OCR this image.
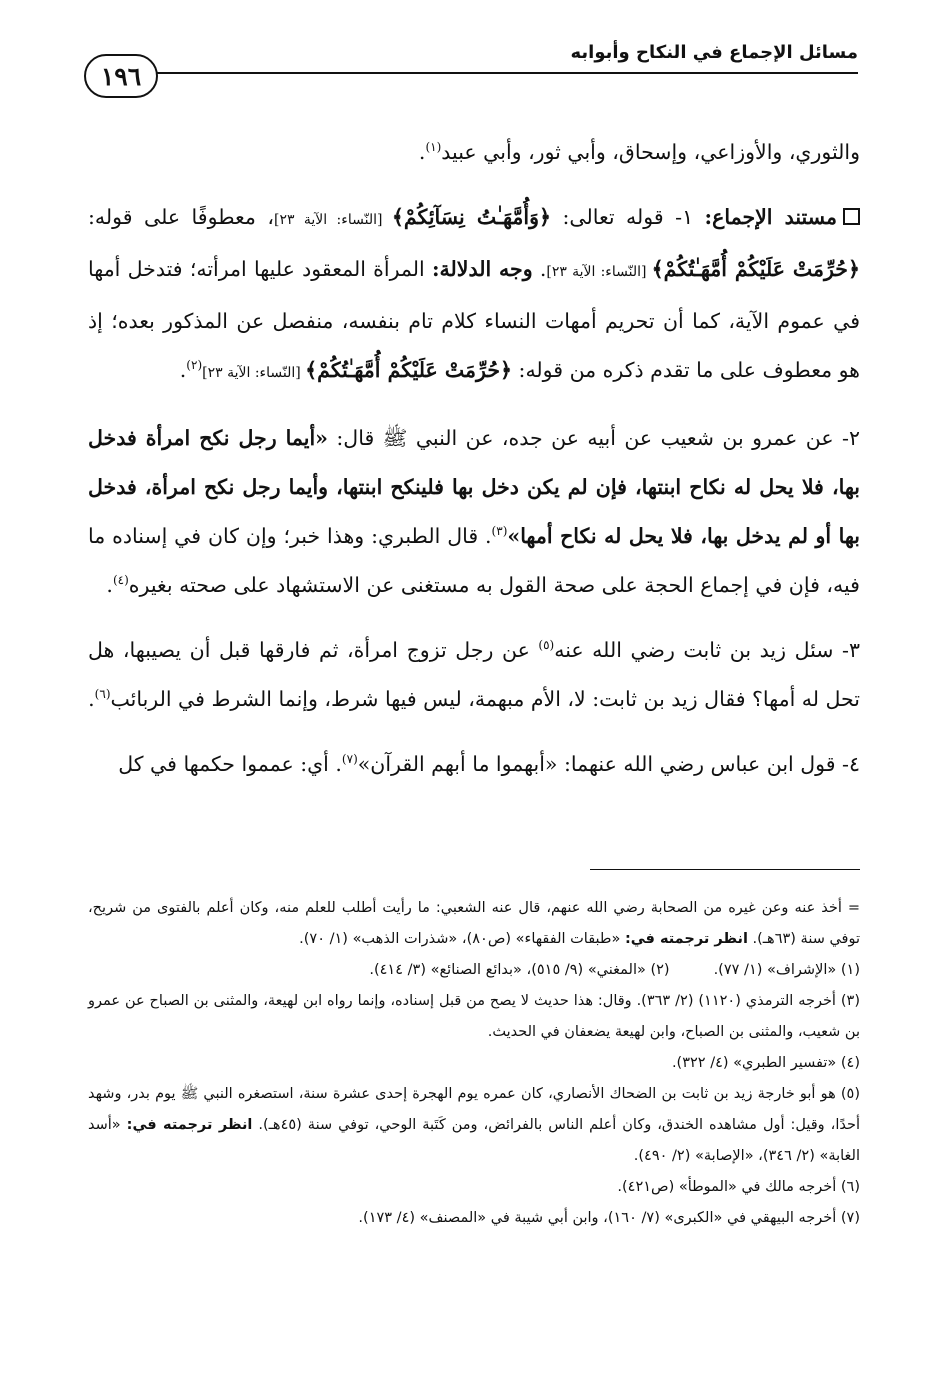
١٩٦
مسائل الإجماع في النكاح وأبوابه

والثوري، والأوزاعي، وإسحاق، وأبي ثور، وأبي عبيد$^{(١)}$.

مستند الإجماع: ١- قوله تعالى: ﴿وَأُمَّهَـٰتُ نِسَآئِكُمْ﴾ [النّساء: الآية ٢٣]، معطوفًا على قوله: ﴿حُرِّمَتْ عَلَيْكُمْ أُمَّهَـٰتُكُمْ﴾ [النّساء: الآية ٢٣]. وجه الدلالة: المرأة المعقود عليها امرأته؛ فتدخل أمها في عموم الآية، كما أن تحريم أمهات النساء كلام تام بنفسه، منفصل عن المذكور بعده؛ إذ هو معطوف على ما تقدم ذكره من قوله: ﴿حُرِّمَتْ عَلَيْكُمْ أُمَّهَـٰتُكُمْ﴾ [النّساء: الآية ٢٣]$^{(٢)}$.

٢- عن عمرو بن شعيب عن أبيه عن جده، عن النبي ﷺ قال: «أيما رجل نكح امرأة فدخل بها، فلا يحل له نكاح ابنتها، فإن لم يكن دخل بها فلينكح ابنتها، وأيما رجل نكح امرأة، فدخل بها أو لم يدخل بها، فلا يحل له نكاح أمها»$^{(٣)}$. قال الطبري: وهذا خبر؛ وإن كان في إسناده ما فيه، فإن في إجماع الحجة على صحة القول به مستغنى عن الاستشهاد على صحته بغيره$^{(٤)}$.

٣- سئل زيد بن ثابت رضي الله عنه$^{(٥)}$ عن رجل تزوج امرأة، ثم فارقها قبل أن يصيبها، هل تحل له أمها؟ فقال زيد بن ثابت: لا، الأم مبهمة، ليس فيها شرط، وإنما الشرط في الربائب$^{(٦)}$.

٤- قول ابن عباس رضي الله عنهما: «أبهموا ما أبهم القرآن»$^{(٧)}$. أي: عمموا حكمها في كل

= أخذ عنه وعن غيره من الصحابة رضي الله عنهم، قال عنه الشعبي: ما رأيت أطلب للعلم منه، وكان أعلم بالفتوى من شريح، توفي سنة (٦٣هـ). انظر ترجمته في: «طبقات الفقهاء» (ص٨٠)، «شذرات الذهب» (١/ ٧٠).

(١) «الإشراف» (١/ ٧٧).
(٢) «المغني» (٩/ ٥١٥)، «بدائع الصنائع» (٣/ ٤١٤).

(٣) أخرجه الترمذي (١١٢٠) (٢/ ٣٦٣). وقال: هذا حديث لا يصح من قبل إسناده، وإنما رواه ابن لهيعة، والمثنى بن الصباح عن عمرو بن شعيب، والمثنى بن الصباح، وابن لهيعة يضعفان في الحديث.

(٤) «تفسير الطبري» (٤/ ٣٢٢).

(٥) هو أبو خارجة زيد بن ثابت بن الضحاك الأنصاري، كان عمره يوم الهجرة إحدى عشرة سنة، استصغره النبي ﷺ يوم بدر، وشهد أحدًا، وقيل: أول مشاهده الخندق، وكان أعلم الناس بالفرائض، ومن كَتَبة الوحي، توفي سنة (٤٥هـ). انظر ترجمته في: «أسد الغابة» (٢/ ٣٤٦)، «الإصابة» (٢/ ٤٩٠).

(٦) أخرجه مالك في «الموطأ» (ص٤٢١).

(٧) أخرجه البيهقي في «الكبرى» (٧/ ١٦٠)، وابن أبي شيبة في «المصنف» (٤/ ١٧٣).
